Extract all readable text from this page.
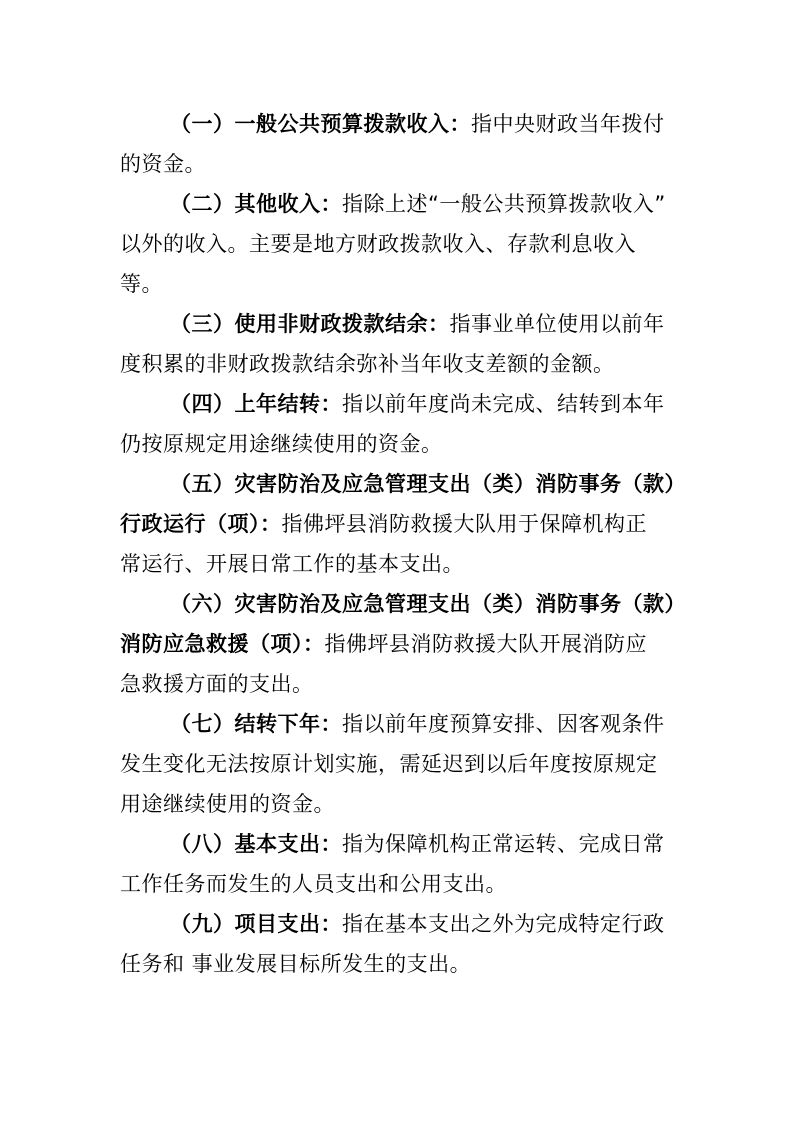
（一）一般公共预算拨款收入：指中央财政当年拨付
的资金。
（二）其他收入：指除上述“一般公共预算拨款收入”
以外的收入。主要是地方财政拨款收入、存款利息收入
等。
（三）使用非财政拨款结余：指事业单位使用以前年
度积累的非财政拨款结余弥补当年收支差额的金额。
（四）上年结转：指以前年度尚未完成、结转到本年
仍按原规定用途继续使用的资金。
（五）灾害防治及应急管理支出（类）消防事务（款）
行政运行（项）：指佛坪县消防救援大队用于保障机构正
常运行、开展日常工作的基本支出。
（六）灾害防治及应急管理支出（类）消防事务（款）
消防应急救援（项）：指佛坪县消防救援大队开展消防应
急救援方面的支出。
（七）结转下年：指以前年度预算安排、因客观条件
发生变化无法按原计划实施，需延迟到以后年度按原规定
用途继续使用的资金。
（八）基本支出：指为保障机构正常运转、完成日常
工作任务而发生的人员支出和公用支出。
（九）项目支出：指在基本支出之外为完成特定行政
任务和 事业发展目标所发生的支出。
